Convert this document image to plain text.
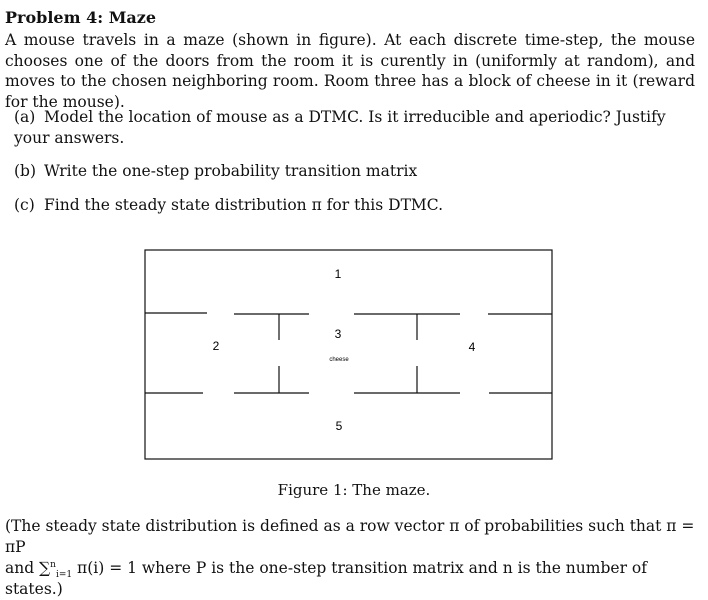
Problem 4: Maze
A mouse travels in a maze (shown in figure). At each discrete time-step, the mouse chooses one of the doors from the room it is curently in (uniformly at random), and moves to the chosen neighboring room. Room three has a block of cheese in it (reward for the mouse).
(a) Model the location of mouse as a DTMC. Is it irreducible and aperiodic? Justify your answers.
(b) Write the one-step probability transition matrix
(c) Find the steady state distribution π for this DTMC.
1
2
3
4
5
cheese
Figure 1: The maze.
(The steady state distribution is defined as a row vector π of probabilities such that π = πP
and ∑$^n_{i=1}$ π(i) = 1 where P is the one-step transition matrix and n is the number of states.)
